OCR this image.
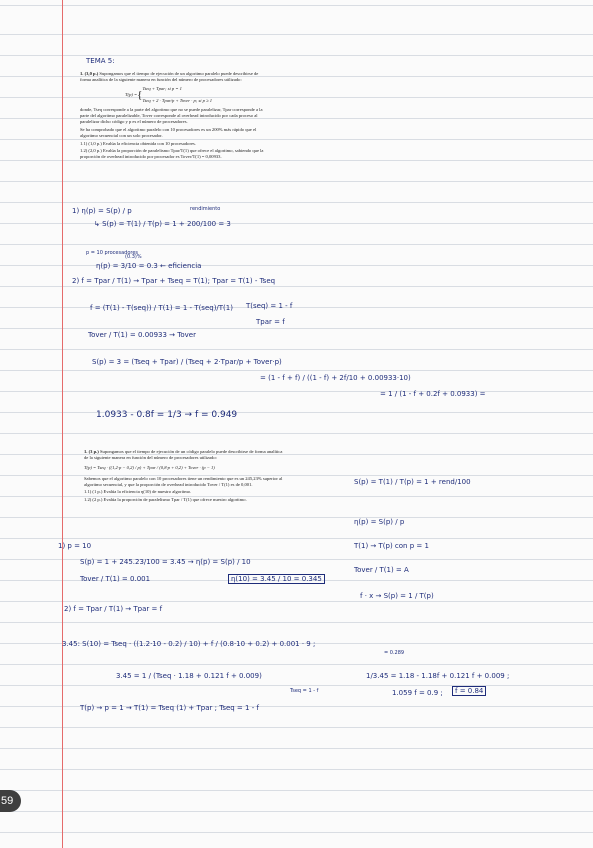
TEMA 5:

1. (3,0 p.) Supongamos que el tiempo de ejecución de un algoritmo paralelo puede describirse de forma analítica de la siguiente manera en función del número de procesadores utilizado:

T(p) = {
Tseq + Tpar; si p = 1
Tseq + 2 · Tpar/p + Tover · p; si p ≥ 1

donde, Tseq corresponde a la parte del algoritmo que no se puede paralelizar, Tpar corresponde a la parte del algoritmo paralelizable, Tover corresponde al overhead introducido por cada proceso al paralelizar dicho código y p es el número de procesadores.

Se ha comprobado que el algoritmo paralelo con 10 procesadores es un 200% más rápido que el algoritmo secuencial con un solo procesador.

1.1) (1,0 p.) Evalúa la eficiencia obtenida con 10 procesadores.

1.2) (2,0 p.) Evalúa la proporción de paralelismo Tpar/T(1) que ofrece el algoritmo, sabiendo que la proporción de overhead introducido por procesador es Tover/T(1) = 0,00933.

rendimiento
1) η(p) = S(p) / p
↳ S(p) = T(1) / T(p) = 1 + 200/100 = 3
p = 10 procesadores
(0.3)%
η(p) = 3/10 = 0.3 ← eficiencia
2) f = Tpar / T(1) → Tpar + Tseq = T(1); Tpar = T(1) - Tseq
f = (T(1) - T(seq)) / T(1) = 1 - T(seq)/T(1) T(seq) = 1 - f
Tpar = f
Tover / T(1) = 0.00933 → Tover
S(p) = 3 = (Tseq + Tpar) / (Tseq + 2·Tpar/p + Tover·p)
= (1 - f + f) / ((1 - f) + 2f/10 + 0.00933·10)
= 1 / (1 - f + 0.2f + 0.0933) =
1.0933 - 0.8f = 1/3 → f = 0.949

1. (3 p.) Supongamos que el tiempo de ejecución de un código paralelo puede describirse de forma analítica de la siguiente manera en función del número de procesadores utilizado:

T(p) = Tseq · ((1,2·p − 0,2) / p) + Tpar / (0,8·p + 0,2) + Tover · (p − 1)

Sabemos que el algoritmo paralelo con 10 procesadores tiene un rendimiento que es un 245,23% superior al algoritmo secuencial, y que la proporción de overhead introducido Tover / T(1) es de 0,001.

1.1) (1 p.) Evalúa la eficiencia η(10) de nuestro algoritmo.

1.2) (2 p.) Evalúa la proporción de paralelismo Tpar / T(1) que ofrece nuestro algoritmo.

S(p) = T(1) / T(p) = 1 + rend/100
η(p) = S(p) / p
T(1) → T(p) con p = 1
Tover / T(1) = A
f · x → S(p) = 1 / T(p)
1) p = 10
S(p) = 1 + 245.23/100 = 3.45 → η(p) = S(p) / 10
η(10) = 3.45 / 10 = 0.345
Tover / T(1) = 0.001
2) f = Tpar / T(1) → Tpar = f
3.45: S(10) = Tseq · ((1.2·10 - 0.2) / 10) + f / (0.8·10 + 0.2) + 0.001 · 9 ;
= 0.289
3.45 = 1 / (Tseq · 1.18 + 0.121 f + 0.009)
Tseq = 1 - f
1/3.45 = 1.18 - 1.18f + 0.121 f + 0.009 ;
1.059 f = 0.9 ;	f = 0.84
T(p) → p = 1 → T(1) = Tseq (1) + Tpar ; Tseq = 1 - f
59
